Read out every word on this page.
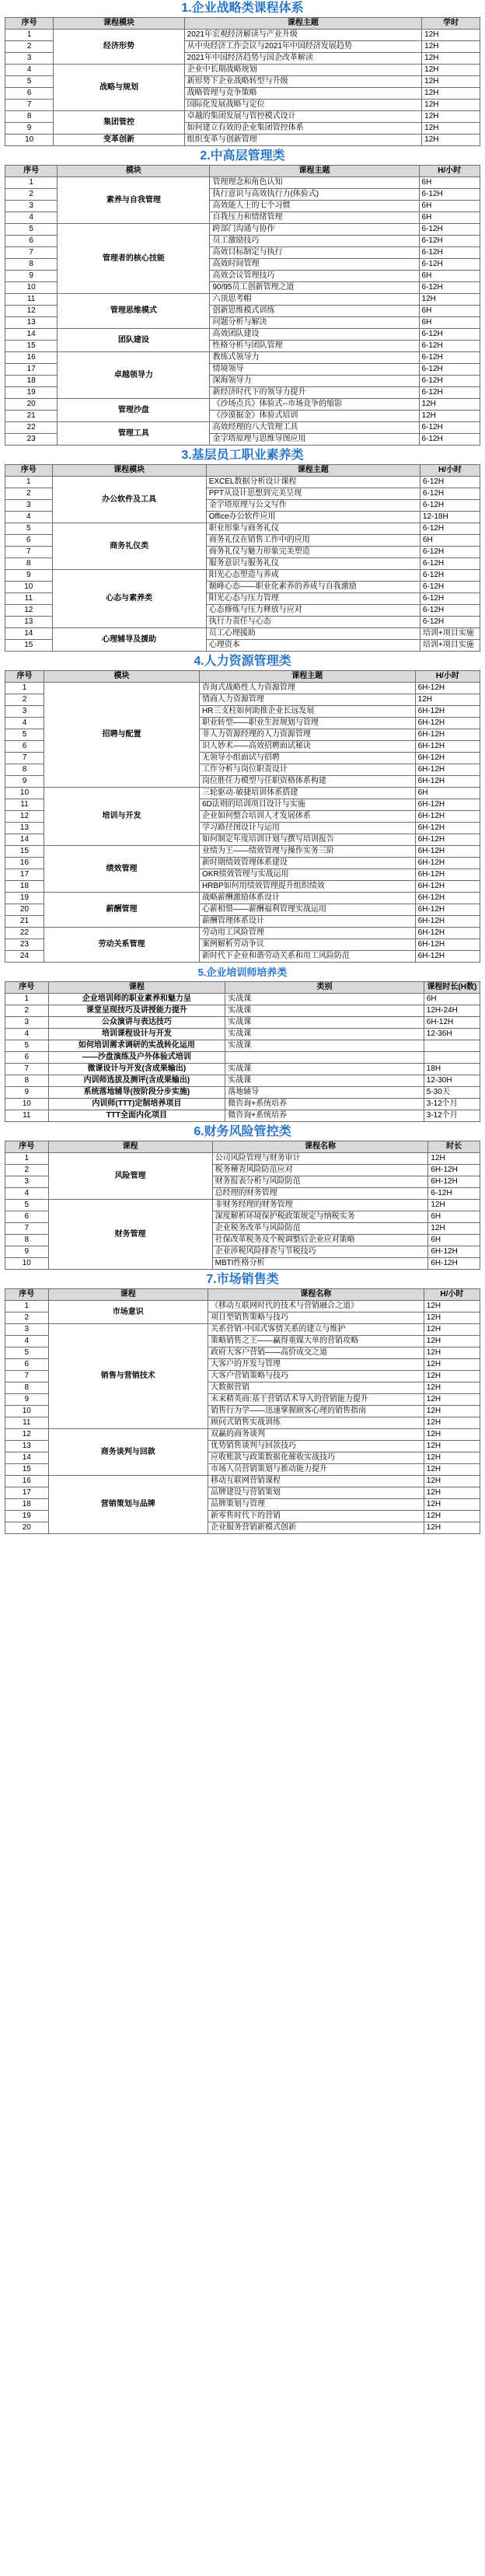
1.企业战略类课程体系
序号	课程模块	课程主题	学时
1	经济形势	2021年宏观经济解读与产业升级	12H
2		从中央经济工作会议与2021年中国经济发展趋势	12H
3		2021年中国经济趋势与国企改革解读	12H
4	战略与规划	企业中长期战略规划	12H
5		新形势下企业战略转型与升级	12H
6		战略管理与竞争策略	12H
7		国际化发展战略与定位	12H
8	集团管控	卓越的集团发展与管控模式设计	12H
9		如何建立有效的企业集团管控体系	12H
10	变革创新	组织变革与创新管理	12H
2.中高层管理类
序号	模块	课程主题	H/小时
1	素养与自我管理	管理理念和角色认知	6H
2		执行意识与高效执行力(体验式)	6-12H
3		高效能人士的七个习惯	6H
4		自我压力和情绪管理	6H
5	管理者的核心技能	跨部门沟通与协作	6-12H
6		员工激励技巧	6-12H
7		高效目标制定与执行	6-12H
8		高效时间管理	6-12H
9		高效会议管理技巧	6H
10		90/95员工创新管理之道	6-12H
11	管理思维模式	六顶思考帽	12H
12		创新思维模式训练	6H
13		问题分析与解决	6H
14	团队建设	高效团队建设	6-12H
15		性格分析与团队管理	6-12H
16	卓越领导力	教练式领导力	6-12H
17		情境领导	6-12H
18		深海领导力	6-12H
19		新经济时代下的领导力提升	6-12H
20	管理沙盘	《沙场点兵》体验式--市场竞争的缩影	12H
21		《沙漠掘金》体验式培训	12H
22	管理工具	高效经理的八大管理工具	6-12H
23		金字塔原理与思维导图应用	6-12H
3.基层员工职业素养类
序号	课程模块	课程主题	H/小时
1	办公软件及工具	EXCEL数据分析设计课程	6-12H
2		PPT从设计思想到完美呈现	6-12H
3		金字塔原理与公文写作	6-12H
4		Office办公软件应用	12-18H
5	商务礼仪类	职业形象与商务礼仪	6-12H
6		商务礼仪在销售工作中的应用	6H
7		商务礼仪与魅力形象完美塑造	6-12H
8		服务意识与服务礼仪	6-12H
9	心态与素养类	阳光心态塑造与养成	6-12H
10		颠峰心态——职业化素养的养成与自我激励	6-12H
11		阳光心态与压力管理	6-12H
12		心态修炼与压力释放与应对	6-12H
13		执行力责任与心态	6-12H
14	心理辅导及援助	员工心理援助	培训+项目实施
15		心理资本	培训+项目实施
4.人力资源管理类
序号	模块	课程主题	H/小时
1	招聘与配置	咨询式战略性人力资源管理	6H-12H
2		情商人力资源管理	12H
3		HR三支柱如何助推企业长远发展	6H-12H
4		职业转型——职业生涯规划与管理	6H-12H
5		非人力资源经理的人力资源管理	6H-12H
6		识人妙术——高效招聘面试秘诀	6H-12H
7		无领导小组面试与招聘	6H-12H
8		工作分析与岗位职责设计	6H-12H
9		岗位胜任力模型与任职资格体系构建	6H-12H
10	培训与开发	三轮驱动·敏捷培训体系搭建	6H
11		6D法则的培训项目设计与实施	6H-12H
12		企业如何整合培训人才发展体系	6H-12H
13		学习路径图设计与运用	6H-12H
14		如何制定年度培训计划与撰写培训报告	6H-12H
15	绩效管理	业绩为王——绩效管理与操作实务三阶	6H-12H
16		新时期绩效管理体系建设	6H-12H
17		OKR绩效管理与实战运用	6H-12H
18		HRBP如何用绩效管理提升组织绩效	6H-12H
19	薪酬管理	战略薪酬激励体系设计	6H-12H
20		心薪相惜——薪酬福利管理实战运用	6H-12H
21		薪酬管理体系设计	6H-12H
22	劳动关系管理	劳动用工风险管理	6H-12H
23		案例解析劳动争议	6H-12H
24		新时代下企业和谐劳动关系和用工风险防范	6H-12H
5.企业培训师培养类
序号	课程	类别	课程时长(H数)
1	企业培训师的职业素养和魅力呈	实战课	6H
2	课堂呈现技巧及讲授能力提升	实战课	12H-24H
3	公众演讲与表达技巧	实战课	6H-12H
4	培训课程设计与开发	实战课	12-36H
5	如何培训需求调研的实战转化运用	实战课	
6	——沙盘演练及户外体验式培训		
7	微课设计与开发(含成果输出)	实战课	18H
8	内训师选拔及测评(含成果输出)	实战课	12-30H
9	系统落地辅导(按阶段分步实施)	落地辅导	5-30天
10	内训师(TTT)定制培养项目	微咨询+系统培养	3-12个月
11	TTT全面内化项目	微咨询+系统培养	3-12个月
6.财务风险管控类
序号	课程	课程名称	时长
1	风险管理	公司风险管理与财务审计	12H
2		税务稽查风险防范应对	6H-12H
3		财务报表分析与风险防范	6H-12H
4		总经理的财务管理	6-12H
5	财务管理	非财务经理的财务管理	12H
6		深度解析环境保护税政策规定与纳税实务	6H
7		企业税务改革与风险防范	12H
8		社保改革税务及个税调整后企业应对策略	6H
9		企业涉税风险排查与节税技巧	6H-12H
10		MBTI性格分析	6H-12H
7.市场销售类
序号	课程	课程名称	H/小时
1	市场意识	《移动互联网时代的技术与营销融合之道》	12H
2		项目型销售策略与技巧	12H
3	销售与营销技术	关系营销·中国式客情关系的建立与维护	12H
4		策略销售之王——赢得重媒大单的营销攻略	12H
5		政府大客户营销——高价成交之道	12H
6		大客户的开发与管理	12H
7		大客户营销策略与技巧	12H
8		大数据营销	12H
9		未来精英商:基于营销话术导入的营销能力提升	12H
10		销售行为学——迅速掌握顾客心理的销售指南	12H
11		顾问式销售实战训练	12H
12	商务谈判与回款	双赢的商务谈判	12H
13		优势销售谈判与回款技巧	12H
14		应收账款与政策数据化催收实战技巧	12H
15		市场人员营销策划与推动能力提升	12H
16	营销策划与品牌	移动互联网营销课程	12H
17		品牌建设与营销策划	12H
18		品牌策划与管理	12H
19		新零售时代下的营销	12H
20		企业服务营销新模式创新	12H
